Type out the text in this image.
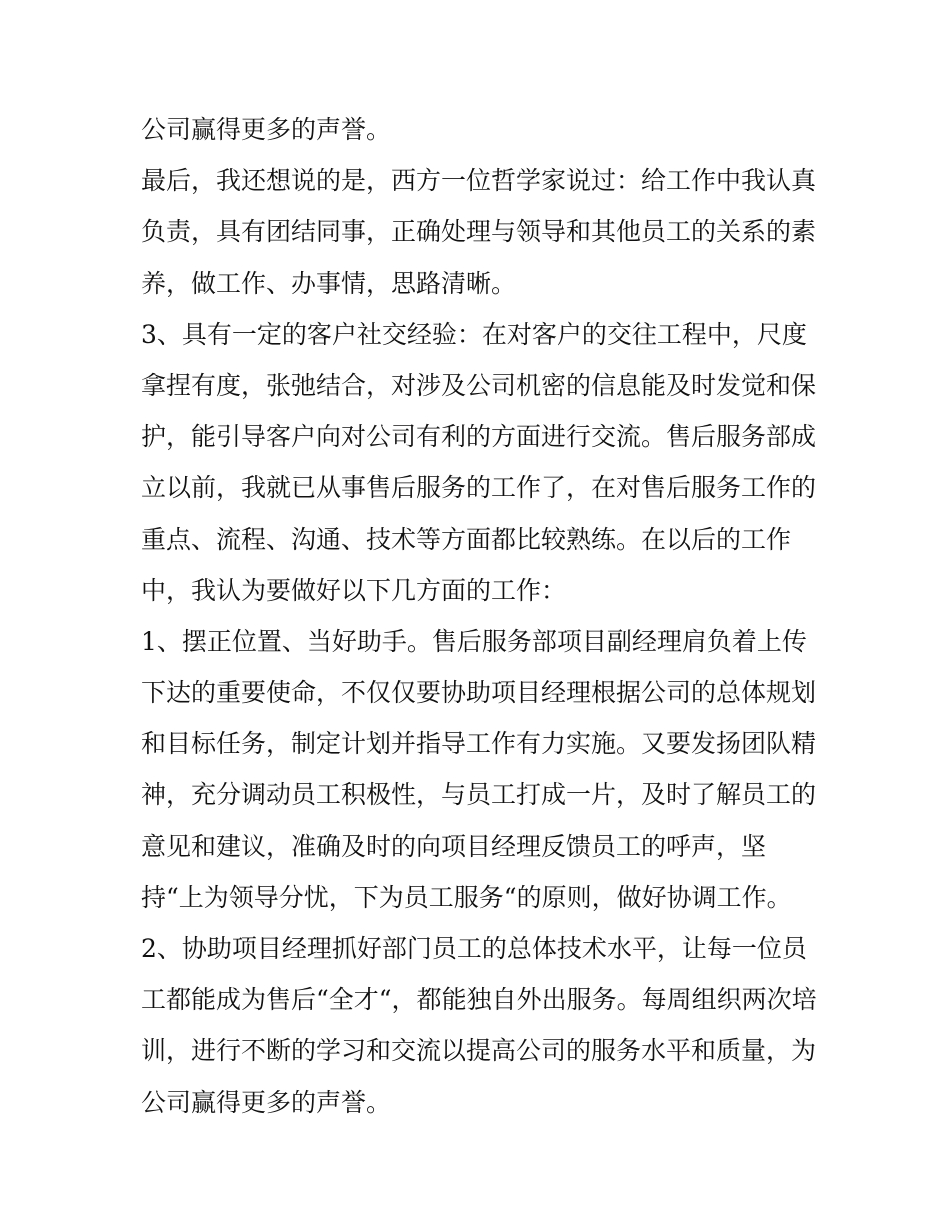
公司赢得更多的声誉。
最后，我还想说的是，西方一位哲学家说过：给工作中我认真
负责，具有团结同事，正确处理与领导和其他员工的关系的素
养，做工作、办事情，思路清晰。
3、具有一定的客户社交经验：在对客户的交往工程中，尺度
拿捏有度，张弛结合，对涉及公司机密的信息能及时发觉和保
护，能引导客户向对公司有利的方面进行交流。售后服务部成
立以前，我就已从事售后服务的工作了，在对售后服务工作的
重点、流程、沟通、技术等方面都比较熟练。在以后的工作
中，我认为要做好以下几方面的工作：
1、摆正位置、当好助手。售后服务部项目副经理肩负着上传
下达的重要使命，不仅仅要协助项目经理根据公司的总体规划
和目标任务，制定计划并指导工作有力实施。又要发扬团队精
神，充分调动员工积极性，与员工打成一片，及时了解员工的
意见和建议，准确及时的向项目经理反馈员工的呼声，坚
持“上为领导分忧，下为员工服务“的原则，做好协调工作。
2、协助项目经理抓好部门员工的总体技术水平，让每一位员
工都能成为售后“全才“，都能独自外出服务。每周组织两次培
训，进行不断的学习和交流以提高公司的服务水平和质量，为
公司赢得更多的声誉。
